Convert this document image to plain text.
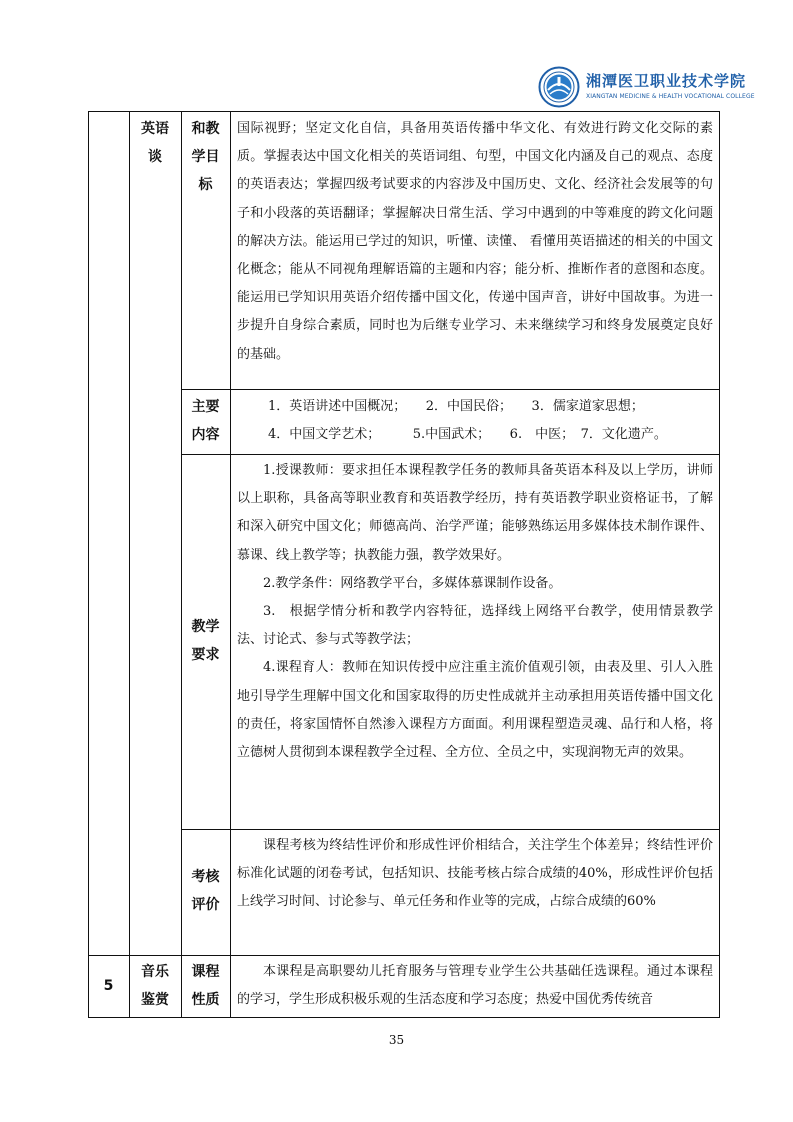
湘潭医卫职业技术学院
XIANGTAN MEDICINE & HEALTH VOCATIONAL COLLEGE
英语
谈
和教
学目
标

国际视野；坚定文化自信，具备用英语传播中华文化、有效进行跨文化交际的素质。掌握表达中国文化相关的英语词组、句型，中国文化内涵及自己的观点、态度的英语表达；掌握四级考试要求的内容涉及中国历史、文化、经济社会发展等的句子和小段落的英语翻译；掌握解决日常生活、学习中遇到的中等难度的跨文化问题的解决方法。能运用已学过的知识，听懂、读懂、 看懂用英语描述的相关的中国文化概念；能从不同视角理解语篇的主题和内容；能分析、推断作者的意图和态度。能运用已学知识用英语介绍传播中国文化，传递中国声音，讲好中国故事。为进一步提升自身综合素质，同时也为后继专业学习、未来继续学习和终身发展奠定良好的基础。

主要
内容
1．英语讲述中国概况；　　2．中国民俗；　　3．儒家道家思想；
4．中国文学艺术；　　　5.中国武术；　　6.　中医；　7．文化遗产。
教学
要求

1.授课教师：要求担任本课程教学任务的教师具备英语本科及以上学历，讲师以上职称，具备高等职业教育和英语教学经历，持有英语教学职业资格证书，了解和深入研究中国文化；师德高尚、治学严谨；能够熟练运用多媒体技术制作课件、慕课、线上教学等；执教能力强，教学效果好。

2.教学条件：网络教学平台，多媒体慕课制作设备。

3.　根据学情分析和教学内容特征，选择线上网络平台教学，使用情景教学法、讨论式、参与式等教学法；

4.课程育人：教师在知识传授中应注重主流价值观引领，由表及里、引人入胜地引导学生理解中国文化和国家取得的历史性成就并主动承担用英语传播中国文化的责任，将家国情怀自然渗入课程方方面面。利用课程塑造灵魂、品行和人格，将立德树人贯彻到本课程教学全过程、全方位、全员之中，实现润物无声的效果。

考核
评价

课程考核为终结性评价和形成性评价相结合，关注学生个体差异；终结性评价标准化试题的闭卷考试，包括知识、技能考核占综合成绩的40%，形成性评价包括上线学习时间、讨论参与、单元任务和作业等的完成，占综合成绩的60%

5
音乐
鉴赏
课程
性质

本课程是高职婴幼儿托育服务与管理专业学生公共基础任选课程。通过本课程的学习，学生形成积极乐观的生活态度和学习态度；热爱中国优秀传统音

35
